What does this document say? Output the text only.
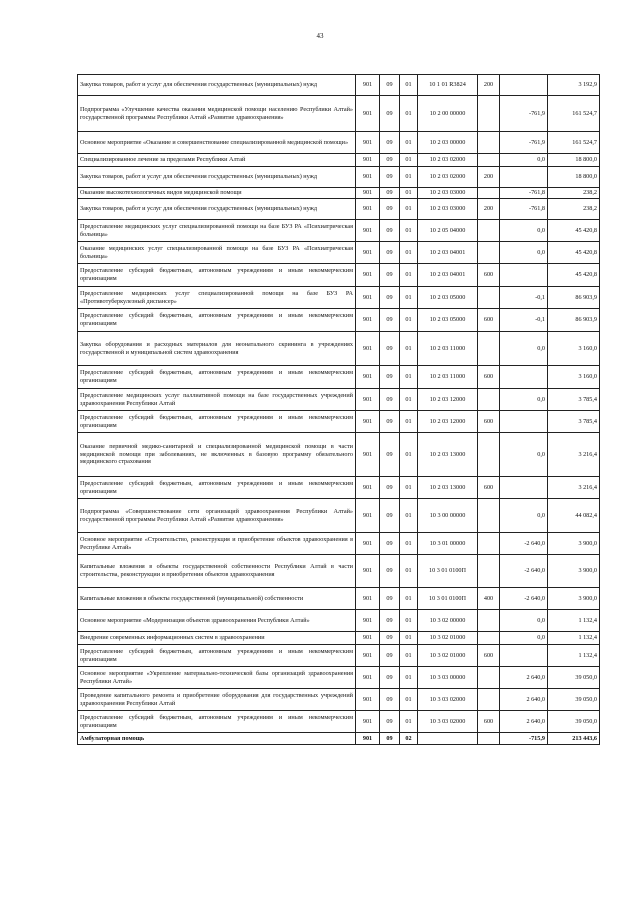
43
Закупка товаров, работ и услуг для обеспечения государственных (муниципальных) нужд	901	09	01	10 1 01 R3824	200		3 192,9
Подпрограмма «Улучшение качества оказания медицинской помощи населению Республики Алтай» государственной программы Республики Алтай «Развитие здравоохранения»	901	09	01	10 2 00 00000		-761,9	161 524,7
Основное мероприятие «Оказание и совершенствование специализированной медицинской помощи»	901	09	01	10 2 03 00000		-761,9	161 524,7
Специализированное лечение за пределами Республики Алтай	901	09	01	10 2 03 02000		0,0	18 800,0
Закупка товаров, работ и услуг для обеспечения государственных (муниципальных) нужд	901	09	01	10 2 03 02000	200		18 800,0
Оказание высокотехнологичных видов медицинской помощи	901	09	01	10 2 03 03000		-761,8	238,2
Закупка товаров, работ и услуг для обеспечения государственных (муниципальных) нужд	901	09	01	10 2 03 03000	200	-761,8	238,2
Предоставление медицинских услуг специализированной помощи на базе БУЗ РА «Психиатрическая больница»	901	09	01	10 2 05 04000		0,0	45 420,8
Оказание медицинских услуг специализированной помощи на базе БУЗ РА «Психиатрическая больница»	901	09	01	10 2 03 04001		0,0	45 420,8
Предоставление субсидий бюджетным, автономным учреждениям и иным некоммерческим организациям	901	09	01	10 2 03 04001	600		45 420,8
Предоставление медицинских услуг специализированной помощи на базе БУЗ РА «Противотуберкулезный диспансер»	901	09	01	10 2 03 05000		-0,1	86 903,9
Предоставление субсидий бюджетным, автономным учреждениям и иным некоммерческим организациям	901	09	01	10 2 03 05000	600	-0,1	86 903,9
Закупка оборудования и расходных материалов для неонатального скрининга в учреждениях государственной и муниципальной систем здравоохранения	901	09	01	10 2 03 11000		0,0	3 160,0
Предоставление субсидий бюджетным, автономным учреждениям и иным некоммерческим организациям	901	09	01	10 2 03 11000	600		3 160,0
Предоставление медицинских услуг паллиативной помощи на базе государственных учреждений здравоохранения Республики Алтай	901	09	01	10 2 03 12000		0,0	3 785,4
Предоставление субсидий бюджетным, автономным учреждениям и иным некоммерческим организациям	901	09	01	10 2 03 12000	600		3 785,4
Оказание первичной медико-санитарной и специализированной медицинской помощи в части медицинской помощи при заболеваниях, не включенных в базовую программу обязательного медицинского страхования	901	09	01	10 2 03 13000		0,0	3 216,4
Предоставление субсидий бюджетным, автономным учреждениям и иным некоммерческим организациям	901	09	01	10 2 03 13000	600		3 216,4
Подпрограмма «Совершенствование сети организаций здравоохранения Республики Алтай» государственной программы Республики Алтай «Развитие здравоохранения»	901	09	01	10 3 00 00000		0,0	44 082,4
Основное мероприятие «Строительство, реконструкция и приобретение объектов здравоохранения в Республике Алтай»	901	09	01	10 3 01 00000		-2 640,0	3 900,0
Капитальные вложения в объекты государственной собственности Республики Алтай в части строительства, реконструкции и приобретения объектов здравоохранения	901	09	01	10 3 01 0100П		-2 640,0	3 900,0
Капитальные вложения в объекты государственной (муниципальной) собственности	901	09	01	10 3 01 0100П	400	-2 640,0	3 900,0
Основное мероприятие «Модернизация объектов здравоохранения Республики Алтай»	901	09	01	10 3 02 00000		0,0	1 132,4
Внедрение современных информационных систем в здравоохранении	901	09	01	10 3 02 01000		0,0	1 132,4
Предоставление субсидий бюджетным, автономным учреждениям и иным некоммерческим организациям	901	09	01	10 3 02 01000	600		1 132,4
Основное мероприятие «Укрепление материально-технической базы организаций здравоохранения Республики Алтай»	901	09	01	10 3 03 00000		2 640,0	39 050,0
Проведение капитального ремонта и приобретение оборудования для государственных учреждений здравоохранения Республики Алтай	901	09	01	10 3 03 02000		2 640,0	39 050,0
Предоставление субсидий бюджетным, автономным учреждениям и иным некоммерческим организациям	901	09	01	10 3 03 02000	600	2 640,0	39 050,0
Амбулаторная помощь	901	09	02			-715,9	213 443,6
